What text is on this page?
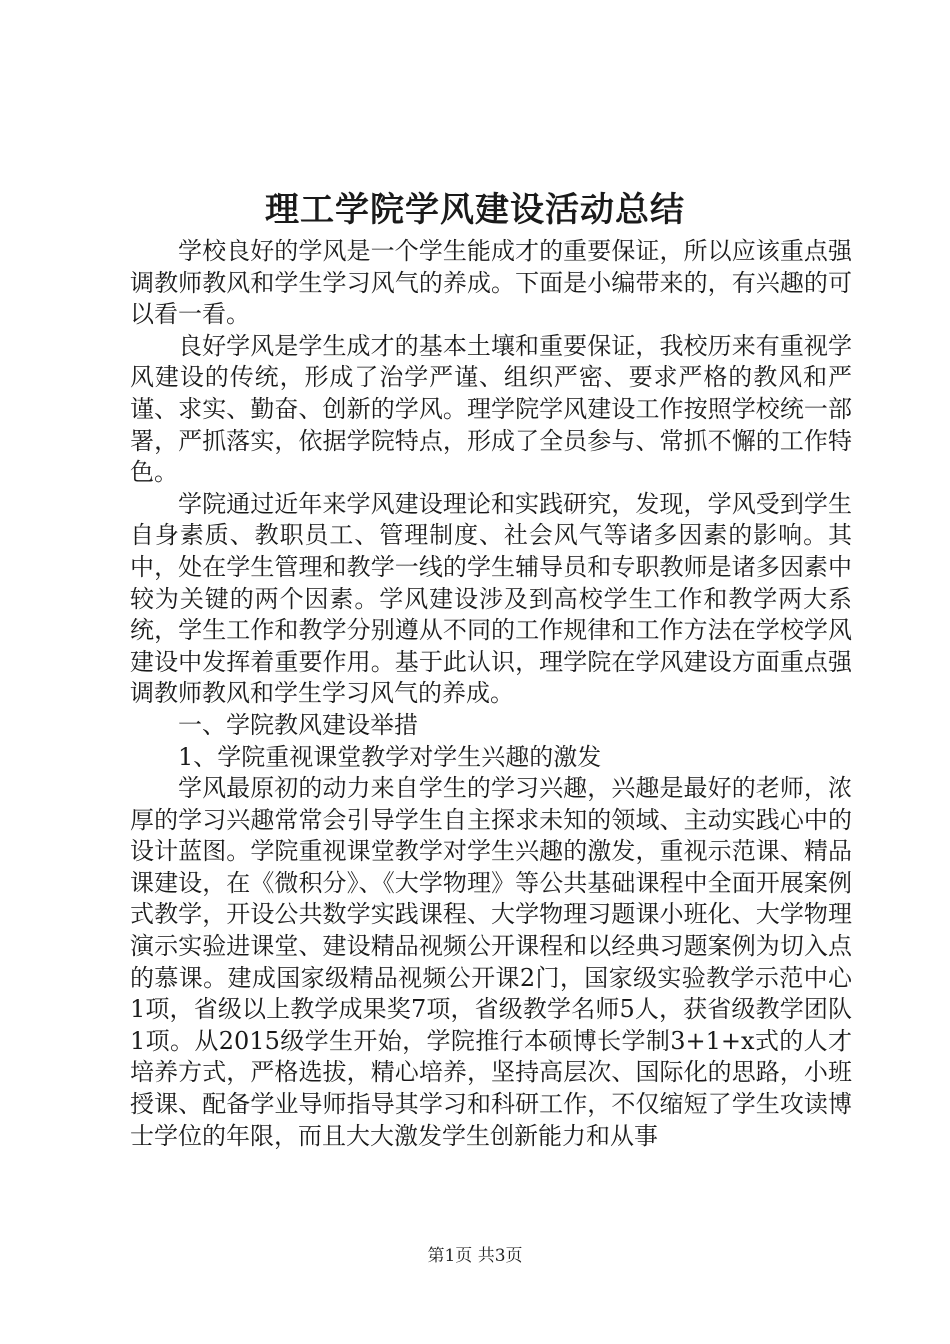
理工学院学风建设活动总结

学校良好的学风是一个学生能成才的重要保证，所以应该重点强调教师教风和学生学习风气的养成。下面是小编带来的，有兴趣的可以看一看。

良好学风是学生成才的基本土壤和重要保证，我校历来有重视学风建设的传统，形成了治学严谨、组织严密、要求严格的教风和严谨、求实、勤奋、创新的学风。理学院学风建设工作按照学校统一部署，严抓落实，依据学院特点，形成了全员参与、常抓不懈的工作特色。

学院通过近年来学风建设理论和实践研究，发现，学风受到学生自身素质、教职员工、管理制度、社会风气等诸多因素的影响。其中，处在学生管理和教学一线的学生辅导员和专职教师是诸多因素中较为关键的两个因素。学风建设涉及到高校学生工作和教学两大系统，学生工作和教学分别遵从不同的工作规律和工作方法在学校学风建设中发挥着重要作用。基于此认识，理学院在学风建设方面重点强调教师教风和学生学习风气的养成。

一、学院教风建设举措

1、学院重视课堂教学对学生兴趣的激发

学风最原初的动力来自学生的学习兴趣，兴趣是最好的老师，浓厚的学习兴趣常常会引导学生自主探求未知的领域、主动实践心中的设计蓝图。学院重视课堂教学对学生兴趣的激发，重视示范课、精品课建设，在《微积分》、《大学物理》等公共基础课程中全面开展案例式教学，开设公共数学实践课程、大学物理习题课小班化、大学物理演示实验进课堂、建设精品视频公开课程和以经典习题案例为切入点的慕课。建成国家级精品视频公开课2门，国家级实验教学示范中心1项，省级以上教学成果奖7项，省级教学名师5人，获省级教学团队1项。从2015级学生开始，学院推行本硕博长学制3+1+x式的人才培养方式，严格选拔，精心培养，坚持高层次、国际化的思路，小班授课、配备学业导师指导其学习和科研工作，不仅缩短了学生攻读博士学位的年限，而且大大激发学生创新能力和从事

第1页 共3页
